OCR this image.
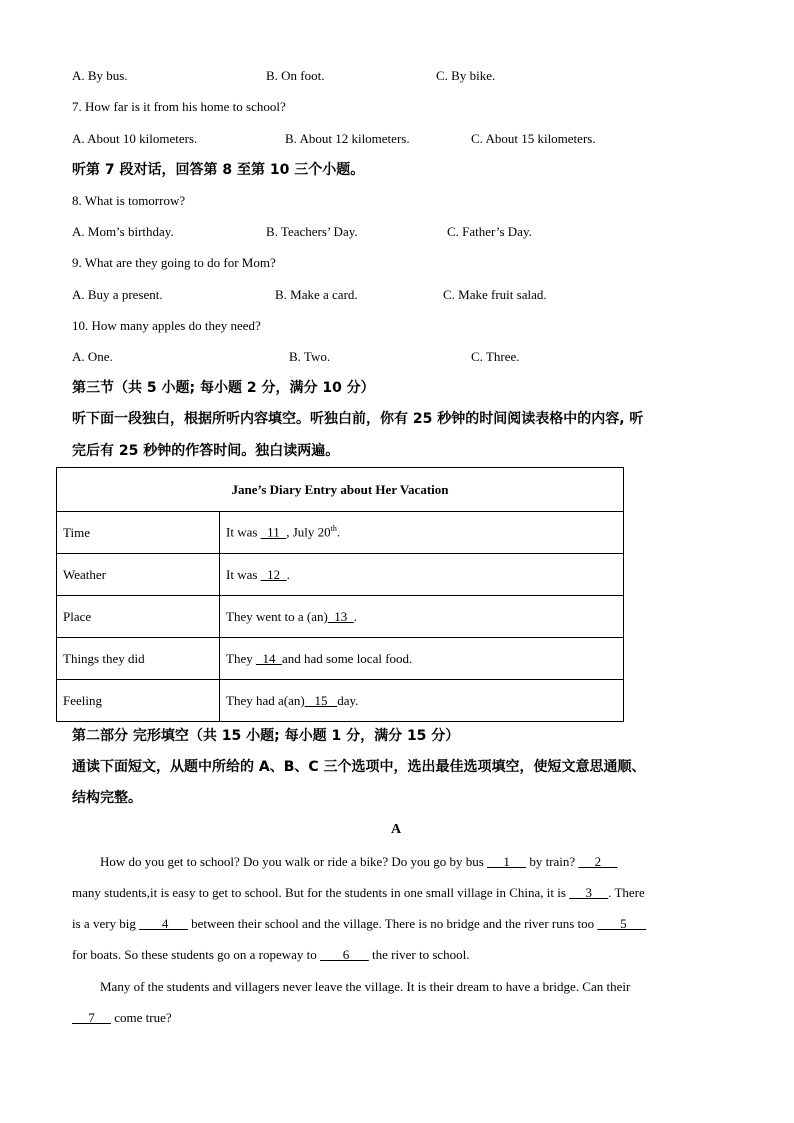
A. By bus.	B. On foot.	C. By bike.
7. How far is it from his home to school?
A. About 10 kilometers.	B. About 12 kilometers.	C. About 15 kilometers.
听第 7 段对话，回答第 8 至第 10 三个小题。
8. What is tomorrow?
A. Mom’s birthday.	B. Teachers’ Day.	C. Father’s Day.
9. What are they going to do for Mom?
A. Buy a present.	B. Make a card.	C. Make fruit salad.
10. How many apples do they need?
A. One.	B. Two.	C. Three.
第三节（共 5 小题; 每小题 2 分，满分 10 分）
听下面一段独白，根据所听内容填空。听独白前，你有 25 秒钟的时间阅读表格中的内容, 听
完后有 25 秒钟的作答时间。独白读两遍。
Jane’s Diary Entry about Her Vacation	
Time	It was   11  , July 20th.
Weather	It was   12  .
Place	They went to a (an)  13  .
Things they did	They   14  and had some local food.
Feeling	They had a(an)   15   day.
第二部分 完形填空（共 15 小题; 每小题 1 分，满分 15 分）
通读下面短文，从题中所给的 A、B、C 三个选项中，选出最佳选项填空，使短文意思通顺、
结构完整。
A
How do you get to school? Do you walk or ride a bike? Do you go by bus      1      by train?      2
many students,it is easy to get to school. But for the students in one small village in China, it is      3     . There
is a very big        4       between their school and the village. There is no bridge and the river runs too        5
for boats. So these students go on a ropeway to        6       the river to school.
Many of the students and villagers never leave the village. It is their dream to have a bridge. Can their
7      come true?
